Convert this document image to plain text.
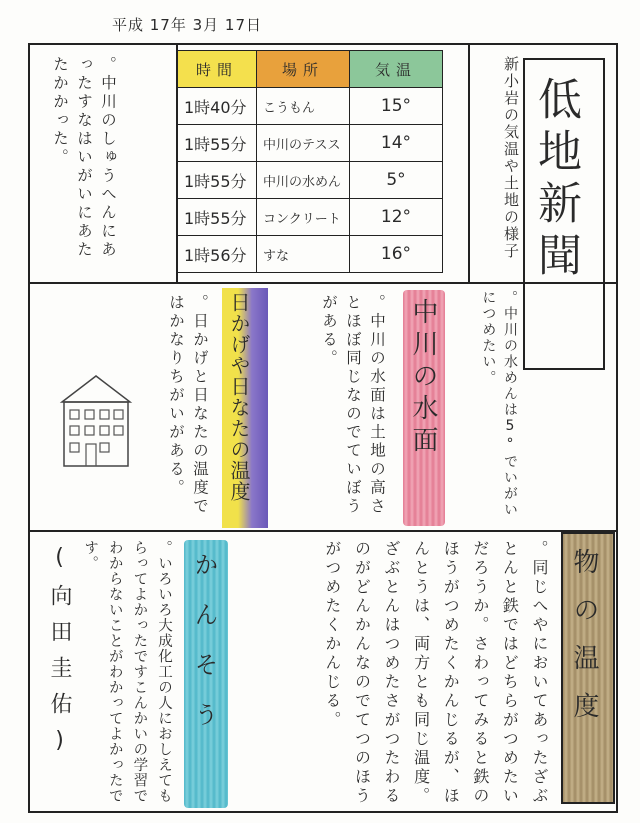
平成 17年 3月 17日
。中川のしゅうへんにあったすなはいがいにあたたかかった。	時間	場所	気温
1時40分	こうもん	15°
1時55分	中川のテスス	14°
1時55分	中川の水めん	5°
1時55分	コンクリート	12°
1時56分	すな	16°	新小岩の気温や土地の様子 低地新聞
。中川の水めんは5°でいがいにつめたい。
中川の水面
。中川の水面は土地の高さとほぼ同じなのでていぼうがある。
日かげや日なたの温度
。日かげと日なたの温度ではかなりちがいがある。
物の温度
。同じへやにおいてあったざぶとんと鉄ではどちらがつめたいだろうか。さわってみると鉄のほうがつめたくかんじるが、ほんとうは、両方とも同じ温度。ざぶとんはつめたさがつたわるのがどんかんなのでてつのほうがつめたくかんじる。
かんそう
。いろいろ大成化工の人におしえてもらってよかったですこんかいの学習でわからないことがわかってよかったです。
(向田圭佑)
